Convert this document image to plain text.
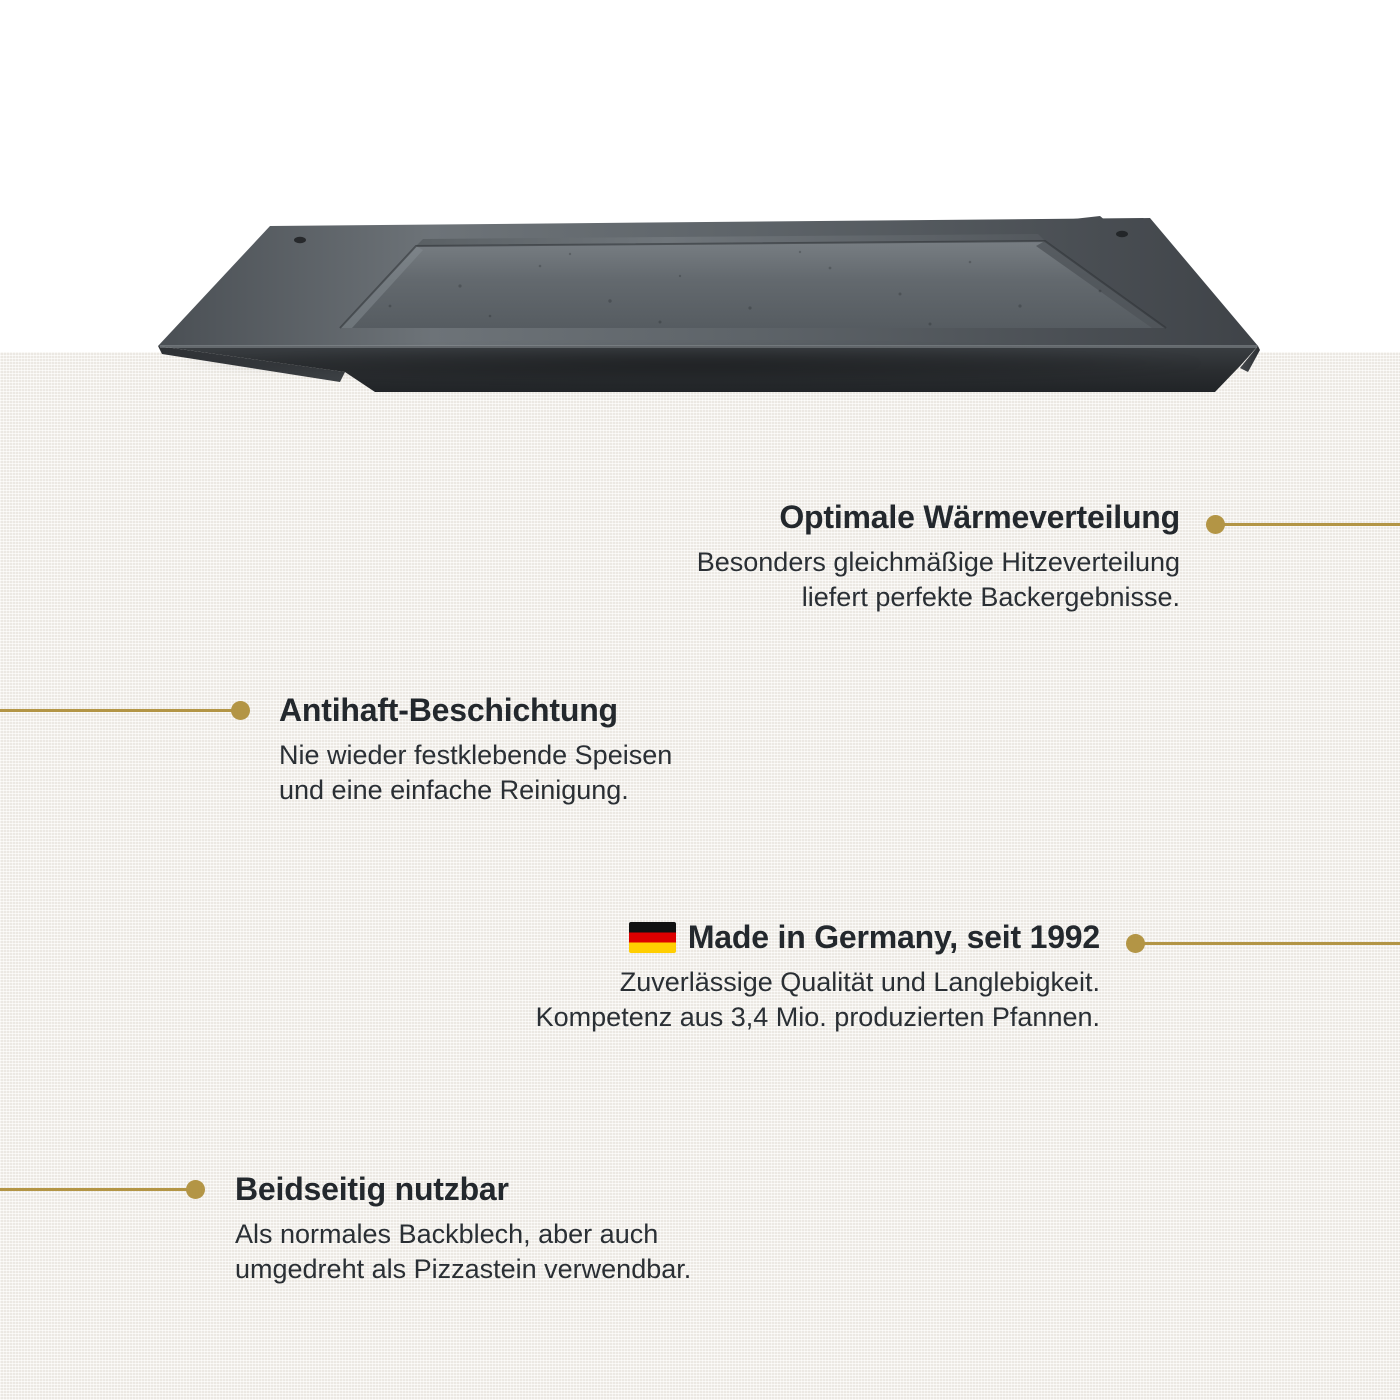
Optimale Wärmeverteilung
Besonders gleichmäßige Hitzeverteilung
liefert perfekte Backergebnisse.
Antihaft-Beschichtung
Nie wieder festklebende Speisen
und eine einfache Reinigung.
Made in Germany, seit 1992
Zuverlässige Qualität und Langlebigkeit.
Kompetenz aus 3,4 Mio. produzierten Pfannen.
Beidseitig nutzbar
Als normales Backblech, aber auch
umgedreht als Pizzastein verwendbar.
